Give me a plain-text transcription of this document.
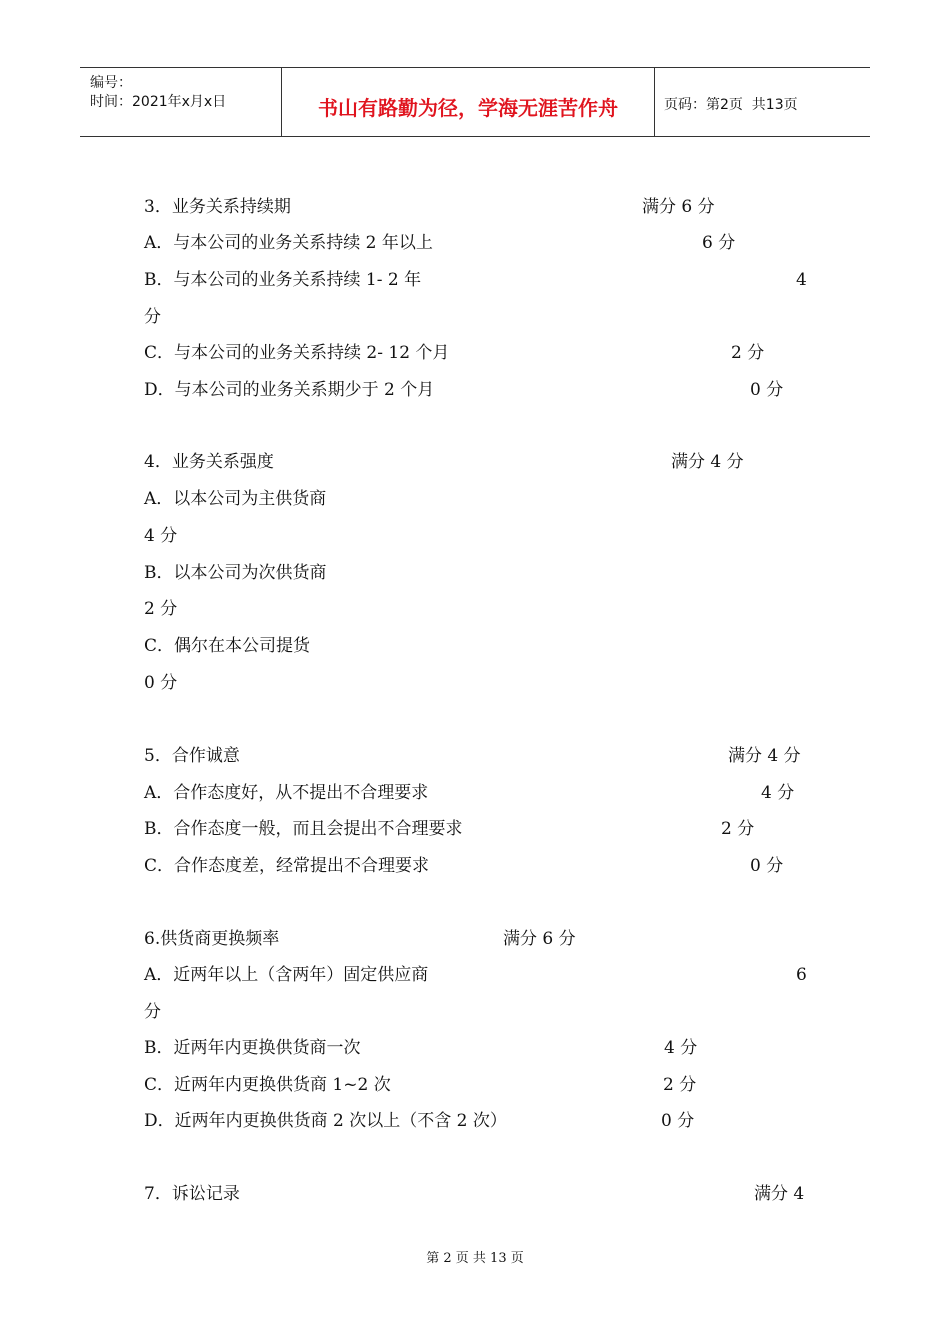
编号：
时间：2021年x月x日	书山有路勤为径，学海无涯苦作舟	页码：第2页  共13页
3．业务关系持续期	满分 6 分
A．与本公司的业务关系持续 2 年以上	6 分
B．与本公司的业务关系持续 1- 2 年	4
分
C．与本公司的业务关系持续 2- 12 个月	2 分
D．与本公司的业务关系期少于 2 个月	0 分
4．业务关系强度	满分 4 分
A．以本公司为主供货商
4 分
B．以本公司为次供货商
2 分
C．偶尔在本公司提货
0 分
5．合作诚意	满分 4 分
A．合作态度好，从不提出不合理要求	4 分
B．合作态度一般，而且会提出不合理要求	2 分
C．合作态度差，经常提出不合理要求	0 分
6.供货商更换频率	满分 6 分
A．近两年以上（含两年）固定供应商	6
分
B．近两年内更换供货商一次	4 分
C．近两年内更换供货商 1~2 次	2 分
D．近两年内更换供货商 2 次以上（不含 2 次）	0 分
7．诉讼记录	满分 4
第 2 页 共 13 页
